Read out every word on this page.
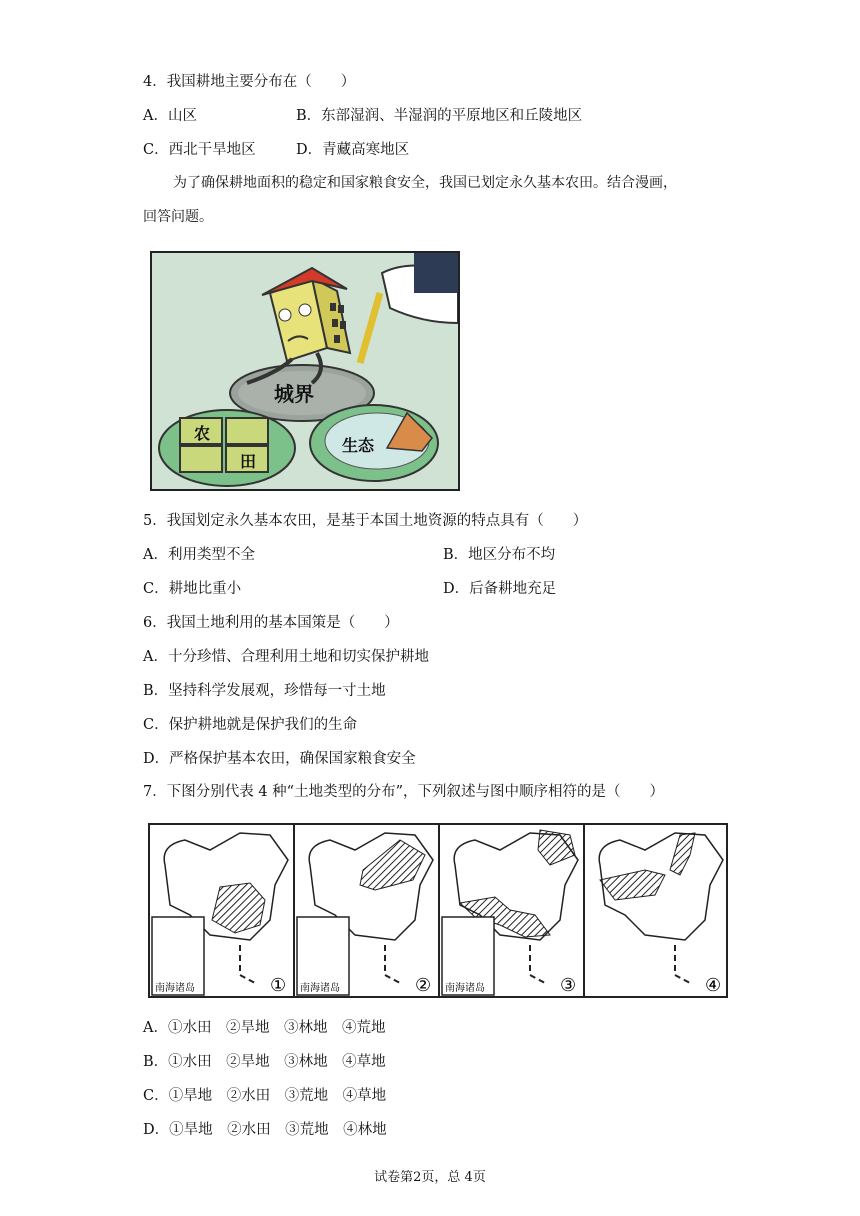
4．我国耕地主要分布在（　　）
A．山区	B．东部湿润、半湿润的平原地区和丘陵地区
C．西北干旱地区	D．青藏高寒地区
为了确保耕地面积的稳定和国家粮食安全，我国已划定永久基本农田。结合漫画，
回答问题。
城界
农
田
生态
5．我国划定永久基本农田，是基于本国土地资源的特点具有（　　）
A．利用类型不全	B．地区分布不均
C．耕地比重小	D．后备耕地充足
6．我国土地利用的基本国策是（　　）
A．十分珍惜、合理利用土地和切实保护耕地
B．坚持科学发展观，珍惜每一寸土地
C．保护耕地就是保护我们的生命
D．严格保护基本农田，确保国家粮食安全
7．下图分别代表 4 种“土地类型的分布”，下列叙述与图中顺序相符的是（　　）
南海诸岛	① 南海诸岛	② 南海诸岛	③	④
A．①水田　②旱地　③林地　④荒地
B．①水田　②旱地　③林地　④草地
C．①旱地　②水田　③荒地　④草地
D．①旱地　②水田　③荒地　④林地
试卷第2页，总 4页
